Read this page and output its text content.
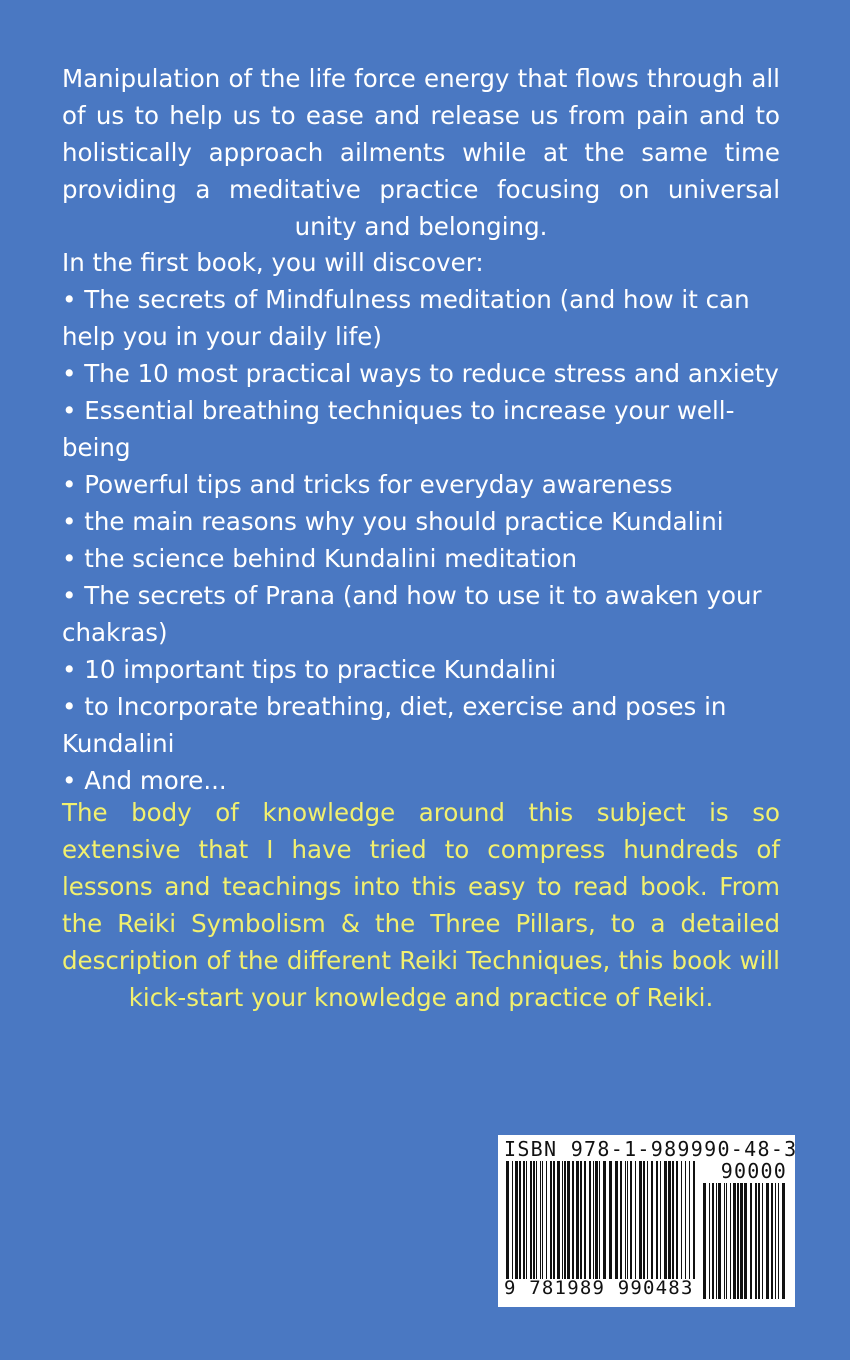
Manipulation of the life force energy that flows through all of us to help us to ease and release us from pain and to holistically approach ailments while at the same time providing a meditative practice focusing on universal unity and belonging.

In the first book, you will discover:

• The secrets of Mindfulness meditation (and how it can help you in your daily life)

• The 10 most practical ways to reduce stress and anxiety

• Essential breathing techniques to increase your well-being

• Powerful tips and tricks for everyday awareness

• the main reasons why you should practice Kundalini

• the science behind Kundalini meditation

• The secrets of Prana (and how to use it to awaken your chakras)

• 10 important tips to practice Kundalini

• to Incorporate breathing, diet, exercise and poses in Kundalini

• And more...

The body of knowledge around this subject is so extensive that I have tried to compress hundreds of lessons and teachings into this easy to read book. From the Reiki Symbolism & the Three Pillars, to a detailed description of the different Reiki Techniques, this book will kick-start your knowledge and practice of Reiki.
ISBN 978-1-989990-48-3
90000
9 781989 990483
